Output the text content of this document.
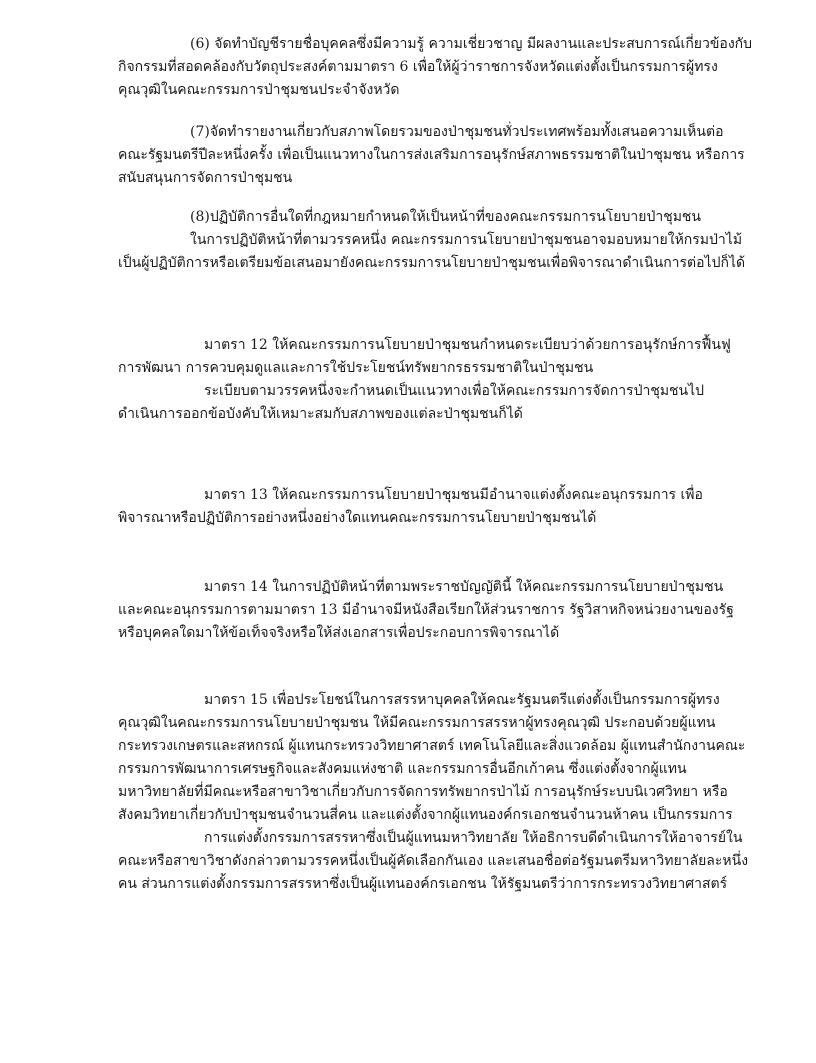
(6) จัดทำบัญชีรายชื่อบุคคลซึ่งมีความรู้ ความเชี่ยวชาญ มีผลงานและประสบการณ์เกี่ยวข้องกับ
กิจกรรมที่สอดคล้องกับวัตถุประสงค์ตามมาตรา 6 เพื่อให้ผู้ว่าราชการจังหวัดแต่งตั้งเป็นกรรมการผู้ทรง
คุณวุฒิในคณะกรรมการป่าชุมชนประจำจังหวัด
(7)จัดทำรายงานเกี่ยวกับสภาพโดยรวมของป่าชุมชนทั่วประเทศพร้อมทั้งเสนอความเห็นต่อ
คณะรัฐมนตรีปีละหนึ่งครั้ง เพื่อเป็นแนวทางในการส่งเสริมการอนุรักษ์สภาพธรรมชาติในป่าชุมชน หรือการ
สนับสนุนการจัดการป่าชุมชน
(8)ปฏิบัติการอื่นใดที่กฎหมายกำหนดให้เป็นหน้าที่ของคณะกรรมการนโยบายป่าชุมชน
ในการปฏิบัติหน้าที่ตามวรรคหนึ่ง คณะกรรมการนโยบายป่าชุมชนอาจมอบหมายให้กรมป่าไม้
เป็นผู้ปฏิบัติการหรือเตรียมข้อเสนอมายังคณะกรรมการนโยบายป่าชุมชนเพื่อพิจารณาดำเนินการต่อไปก็ได้
มาตรา 12 ให้คณะกรรมการนโยบายป่าชุมชนกำหนดระเบียบว่าด้วยการอนุรักษ์การฟื้นฟู
การพัฒนา การควบคุมดูแลและการใช้ประโยชน์ทรัพยากรธรรมชาติในป่าชุมชน
ระเบียบตามวรรคหนึ่งจะกำหนดเป็นแนวทางเพื่อให้คณะกรรมการจัดการป่าชุมชนไป
ดำเนินการออกข้อบังคับให้เหมาะสมกับสภาพของแต่ละป่าชุมชนก็ได้
มาตรา 13 ให้คณะกรรมการนโยบายป่าชุมชนมีอำนาจแต่งตั้งคณะอนุกรรมการ เพื่อ
พิจารณาหรือปฏิบัติการอย่างหนึ่งอย่างใดแทนคณะกรรมการนโยบายป่าชุมชนได้
มาตรา 14 ในการปฏิบัติหน้าที่ตามพระราชบัญญัตินี้ ให้คณะกรรมการนโยบายป่าชุมชน
และคณะอนุกรรมการตามมาตรา 13 มีอำนาจมีหนังสือเรียกให้ส่วนราชการ รัฐวิสาหกิจหน่วยงานของรัฐ
หรือบุคคลใดมาให้ข้อเท็จจริงหรือให้ส่งเอกสารเพื่อประกอบการพิจารณาได้
มาตรา 15 เพื่อประโยชน์ในการสรรหาบุคคลให้คณะรัฐมนตรีแต่งตั้งเป็นกรรมการผู้ทรง
คุณวุฒิในคณะกรรมการนโยบายป่าชุมชน ให้มีคณะกรรมการสรรหาผู้ทรงคุณวุฒิ ประกอบด้วยผู้แทน
กระทรวงเกษตรและสหกรณ์ ผู้แทนกระทรวงวิทยาศาสตร์ เทคโนโลยีและสิ่งแวดล้อม ผู้แทนสำนักงานคณะ
กรรมการพัฒนาการเศรษฐกิจและสังคมแห่งชาติ และกรรมการอื่นอีกเก้าคน ซึ่งแต่งตั้งจากผู้แทน
มหาวิทยาลัยที่มีคณะหรือสาขาวิชาเกี่ยวกับการจัดการทรัพยากรป่าไม้ การอนุรักษ์ระบบนิเวศวิทยา หรือ
สังคมวิทยาเกี่ยวกับป่าชุมชนจำนวนสี่คน และแต่งตั้งจากผู้แทนองค์กรเอกชนจำนวนห้าคน เป็นกรรมการ
การแต่งตั้งกรรมการสรรหาซึ่งเป็นผู้แทนมหาวิทยาลัย ให้อธิการบดีดำเนินการให้อาจารย์ใน
คณะหรือสาขาวิชาดังกล่าวตามวรรคหนึ่งเป็นผู้คัดเลือกกันเอง และเสนอชื่อต่อรัฐมนตรีมหาวิทยาลัยละหนึ่ง
คน ส่วนการแต่งตั้งกรรมการสรรหาซึ่งเป็นผู้แทนองค์กรเอกชน ให้รัฐมนตรีว่าการกระทรวงวิทยาศาสตร์
